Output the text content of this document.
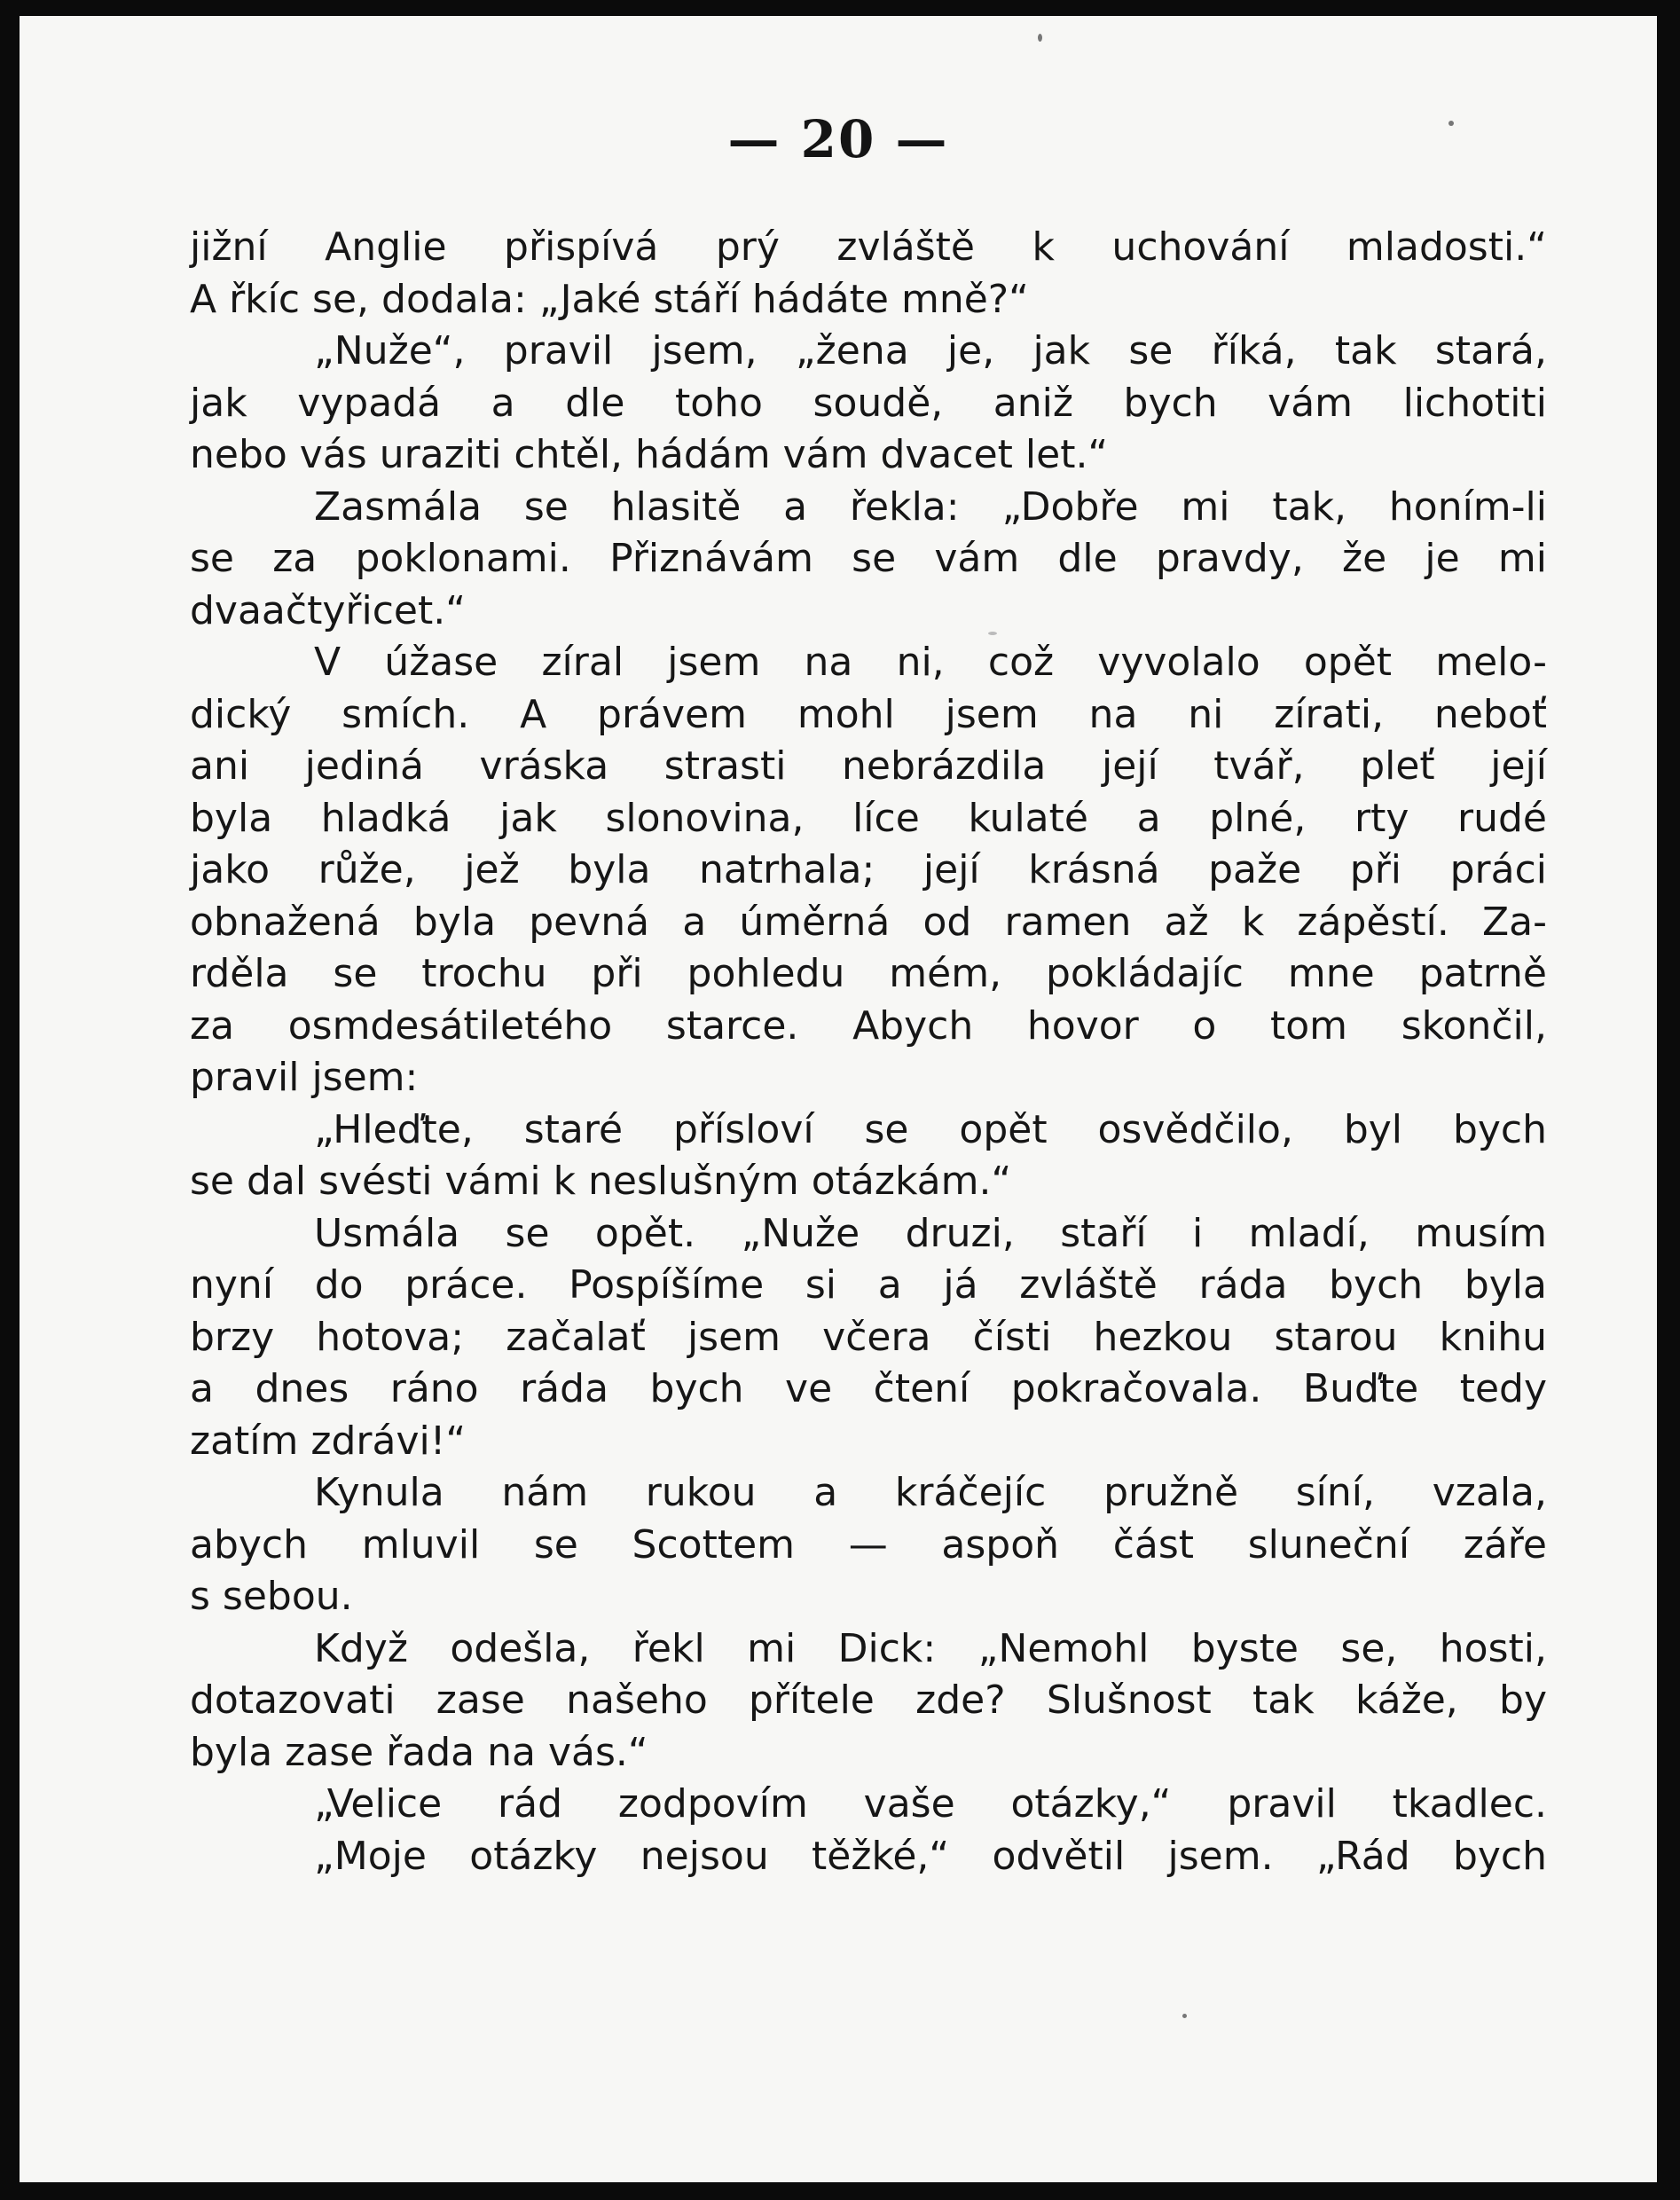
— 20 —
jižní Anglie přispívá prý zvláště k uchování mladosti.“
A řkíc se, dodala: „Jaké stáří hádáte mně?“
„Nuže“, pravil jsem, „žena je, jak se říká, tak stará,
jak vypadá a dle toho soudě, aniž bych vám lichotiti
nebo vás uraziti chtěl, hádám vám dvacet let.“
Zasmála se hlasitě a řekla: „Dobře mi tak, honím-li
se za poklonami. Přiznávám se vám dle pravdy, že je mi
dvaačtyřicet.“
V úžase zíral jsem na ni, což vyvolalo opět melo-
dický smích. A právem mohl jsem na ni zírati, neboť
ani jediná vráska strasti nebrázdila její tvář, pleť její
byla hladká jak slonovina, líce kulaté a plné, rty rudé
jako růže, jež byla natrhala; její krásná paže při práci
obnažená byla pevná a úměrná od ramen až k zápěstí. Za-
rděla se trochu při pohledu mém, pokládajíc mne patrně
za osmdesátiletého starce. Abych hovor o tom skončil,
pravil jsem:
„Hleďte, staré přísloví se opět osvědčilo, byl bych
se dal svésti vámi k neslušným otázkám.“
Usmála se opět. „Nuže druzi, staří i mladí, musím
nyní do práce. Pospíšíme si a já zvláště ráda bych byla
brzy hotova; začalať jsem včera čísti hezkou starou knihu
a dnes ráno ráda bych ve čtení pokračovala. Buďte tedy
zatím zdrávi!“
Kynula nám rukou a kráčejíc pružně síní, vzala,
abych mluvil se Scottem — aspoň část sluneční záře
s sebou.
Když odešla, řekl mi Dick: „Nemohl byste se, hosti,
dotazovati zase našeho přítele zde? Slušnost tak káže, by
byla zase řada na vás.“
„Velice rád zodpovím vaše otázky,“ pravil tkadlec.
„Moje otázky nejsou těžké,“ odvětil jsem. „Rád bych
